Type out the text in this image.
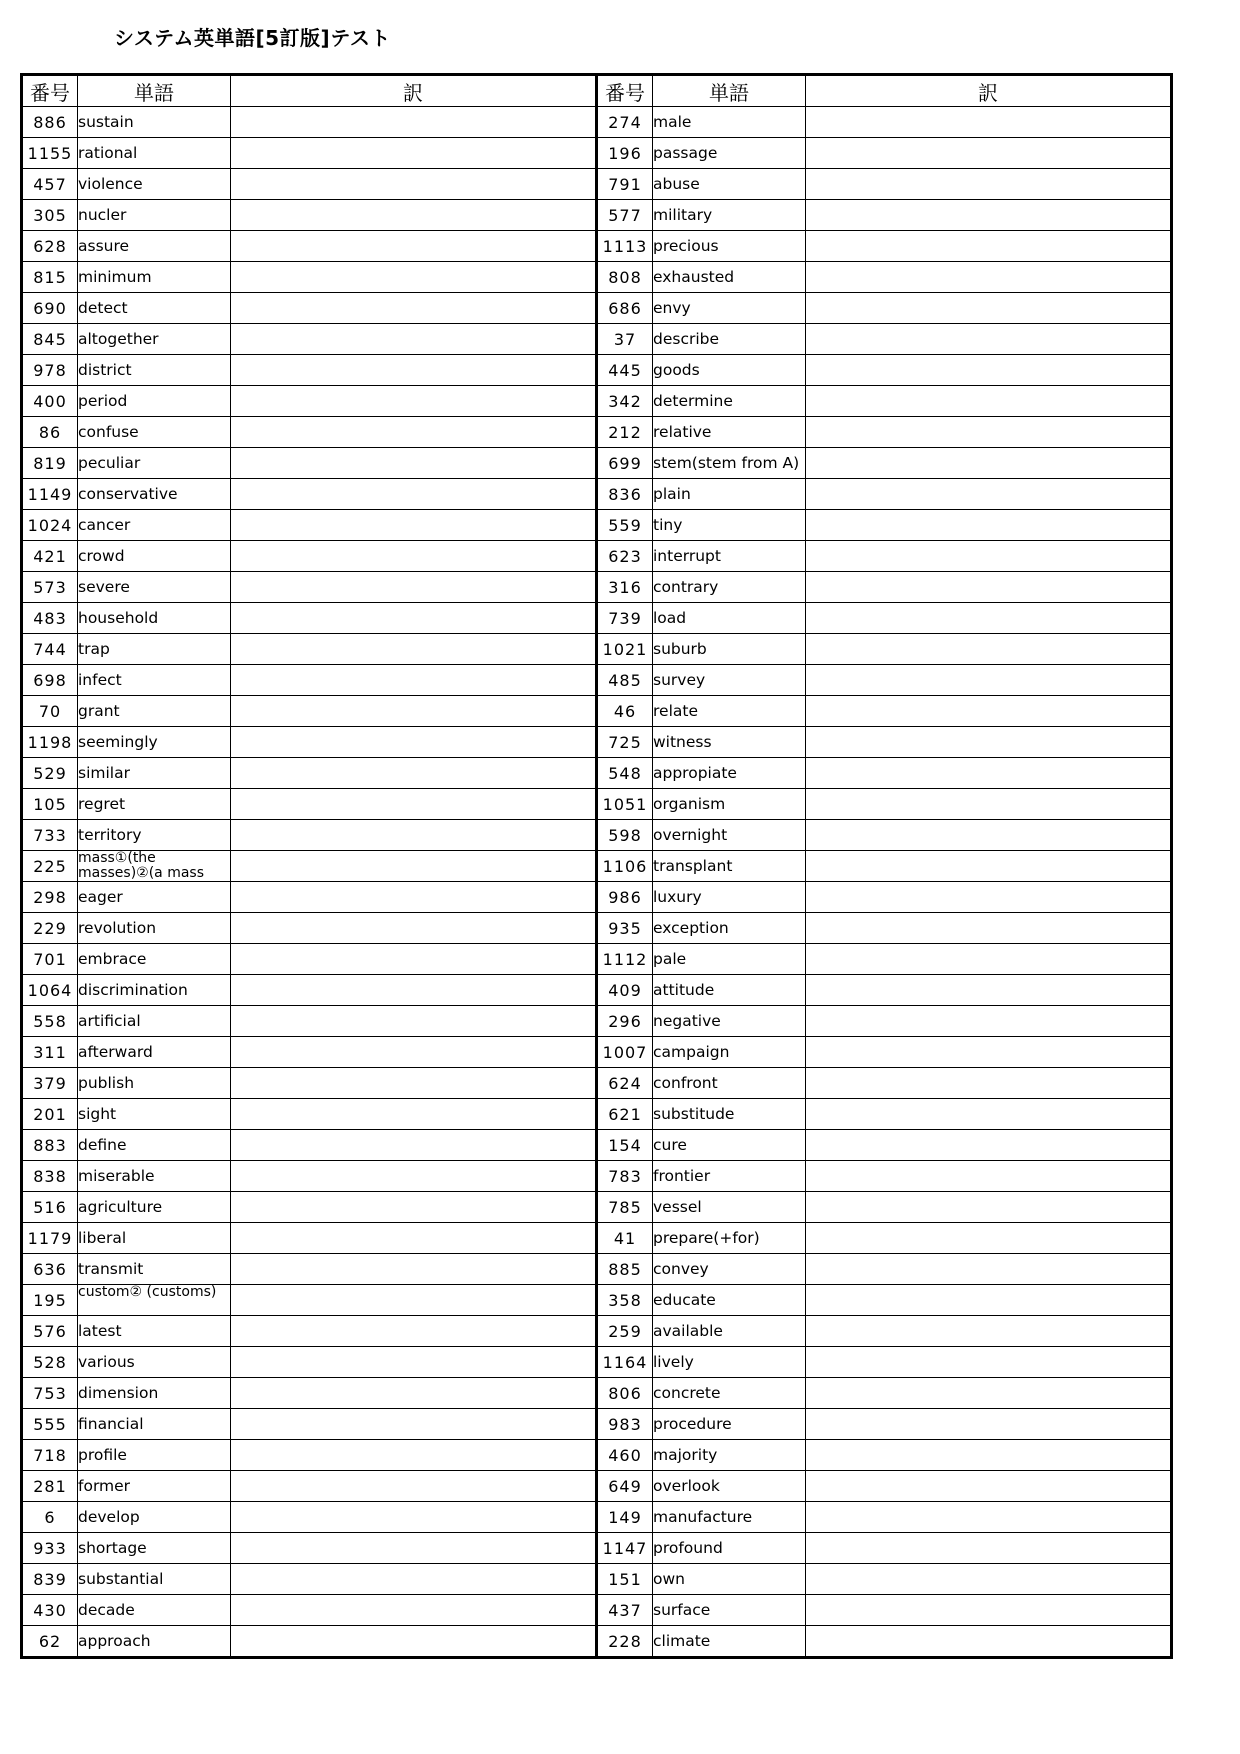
システム英単語[5訂版]テスト
番号	単語	訳	番号	単語	訳
886	sustain		274	male	
1155	rational		196	passage	
457	violence		791	abuse	
305	nucler		577	military	
628	assure		1113	precious	
815	minimum		808	exhausted	
690	detect		686	envy	
845	altogether		37	describe	
978	district		445	goods	
400	period		342	determine	
86	confuse		212	relative	
819	peculiar		699	stem(stem from A)	
1149	conservative		836	plain	
1024	cancer		559	tiny	
421	crowd		623	interrupt	
573	severe		316	contrary	
483	household		739	load	
744	trap		1021	suburb	
698	infect		485	survey	
70	grant		46	relate	
1198	seemingly		725	witness	
529	similar		548	appropiate	
105	regret		1051	organism	
733	territory		598	overnight	
225	mass①(the masses)②(a mass		1106	transplant	
298	eager		986	luxury	
229	revolution		935	exception	
701	embrace		1112	pale	
1064	discrimination		409	attitude	
558	artificial		296	negative	
311	afterward		1007	campaign	
379	publish		624	confront	
201	sight		621	substitude	
883	define		154	cure	
838	miserable		783	frontier	
516	agriculture		785	vessel	
1179	liberal		41	prepare(+for)	
636	transmit		885	convey	
195	custom② (customs)		358	educate	
576	latest		259	available	
528	various		1164	lively	
753	dimension		806	concrete	
555	financial		983	procedure	
718	profile		460	majority	
281	former		649	overlook	
6	develop		149	manufacture	
933	shortage		1147	profound	
839	substantial		151	own	
430	decade		437	surface	
62	approach		228	climate	
